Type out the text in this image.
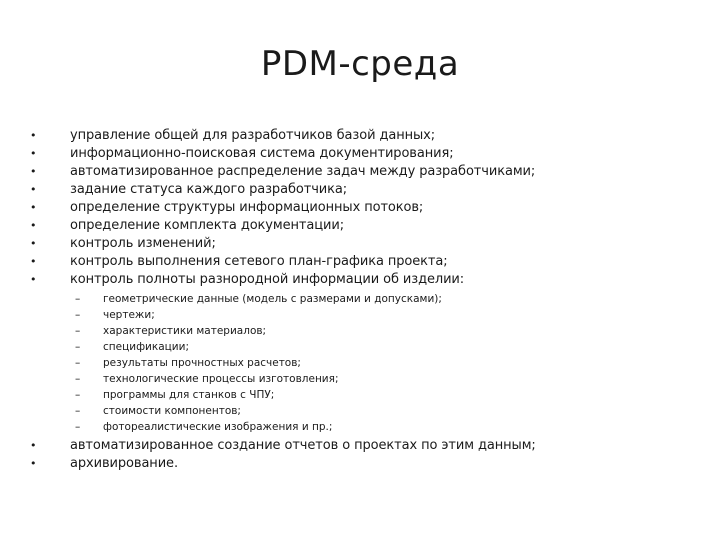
PDM-среда
•	управление общей для разработчиков базой данных;
•	информационно-поисковая система документирования;
•	автоматизированное распределение задач между разработчиками;
•	задание статуса каждого разработчика;
•	определение структуры информационных потоков;
•	определение комплекта документации;
•	контроль изменений;
•	контроль выполнения сетевого план-графика проекта;
•	контроль полноты разнородной информации об изделии:
– геометрические данные (модель с размерами и допусками);
– чертежи;
– характеристики материалов;
– спецификации;
– результаты прочностных расчетов;
– технологические процессы изготовления;
– программы для станков с ЧПУ;
– стоимости компонентов;
– фотореалистические изображения и пр.;
•	автоматизированное создание отчетов о проектах по этим данным;
•	архивирование.
